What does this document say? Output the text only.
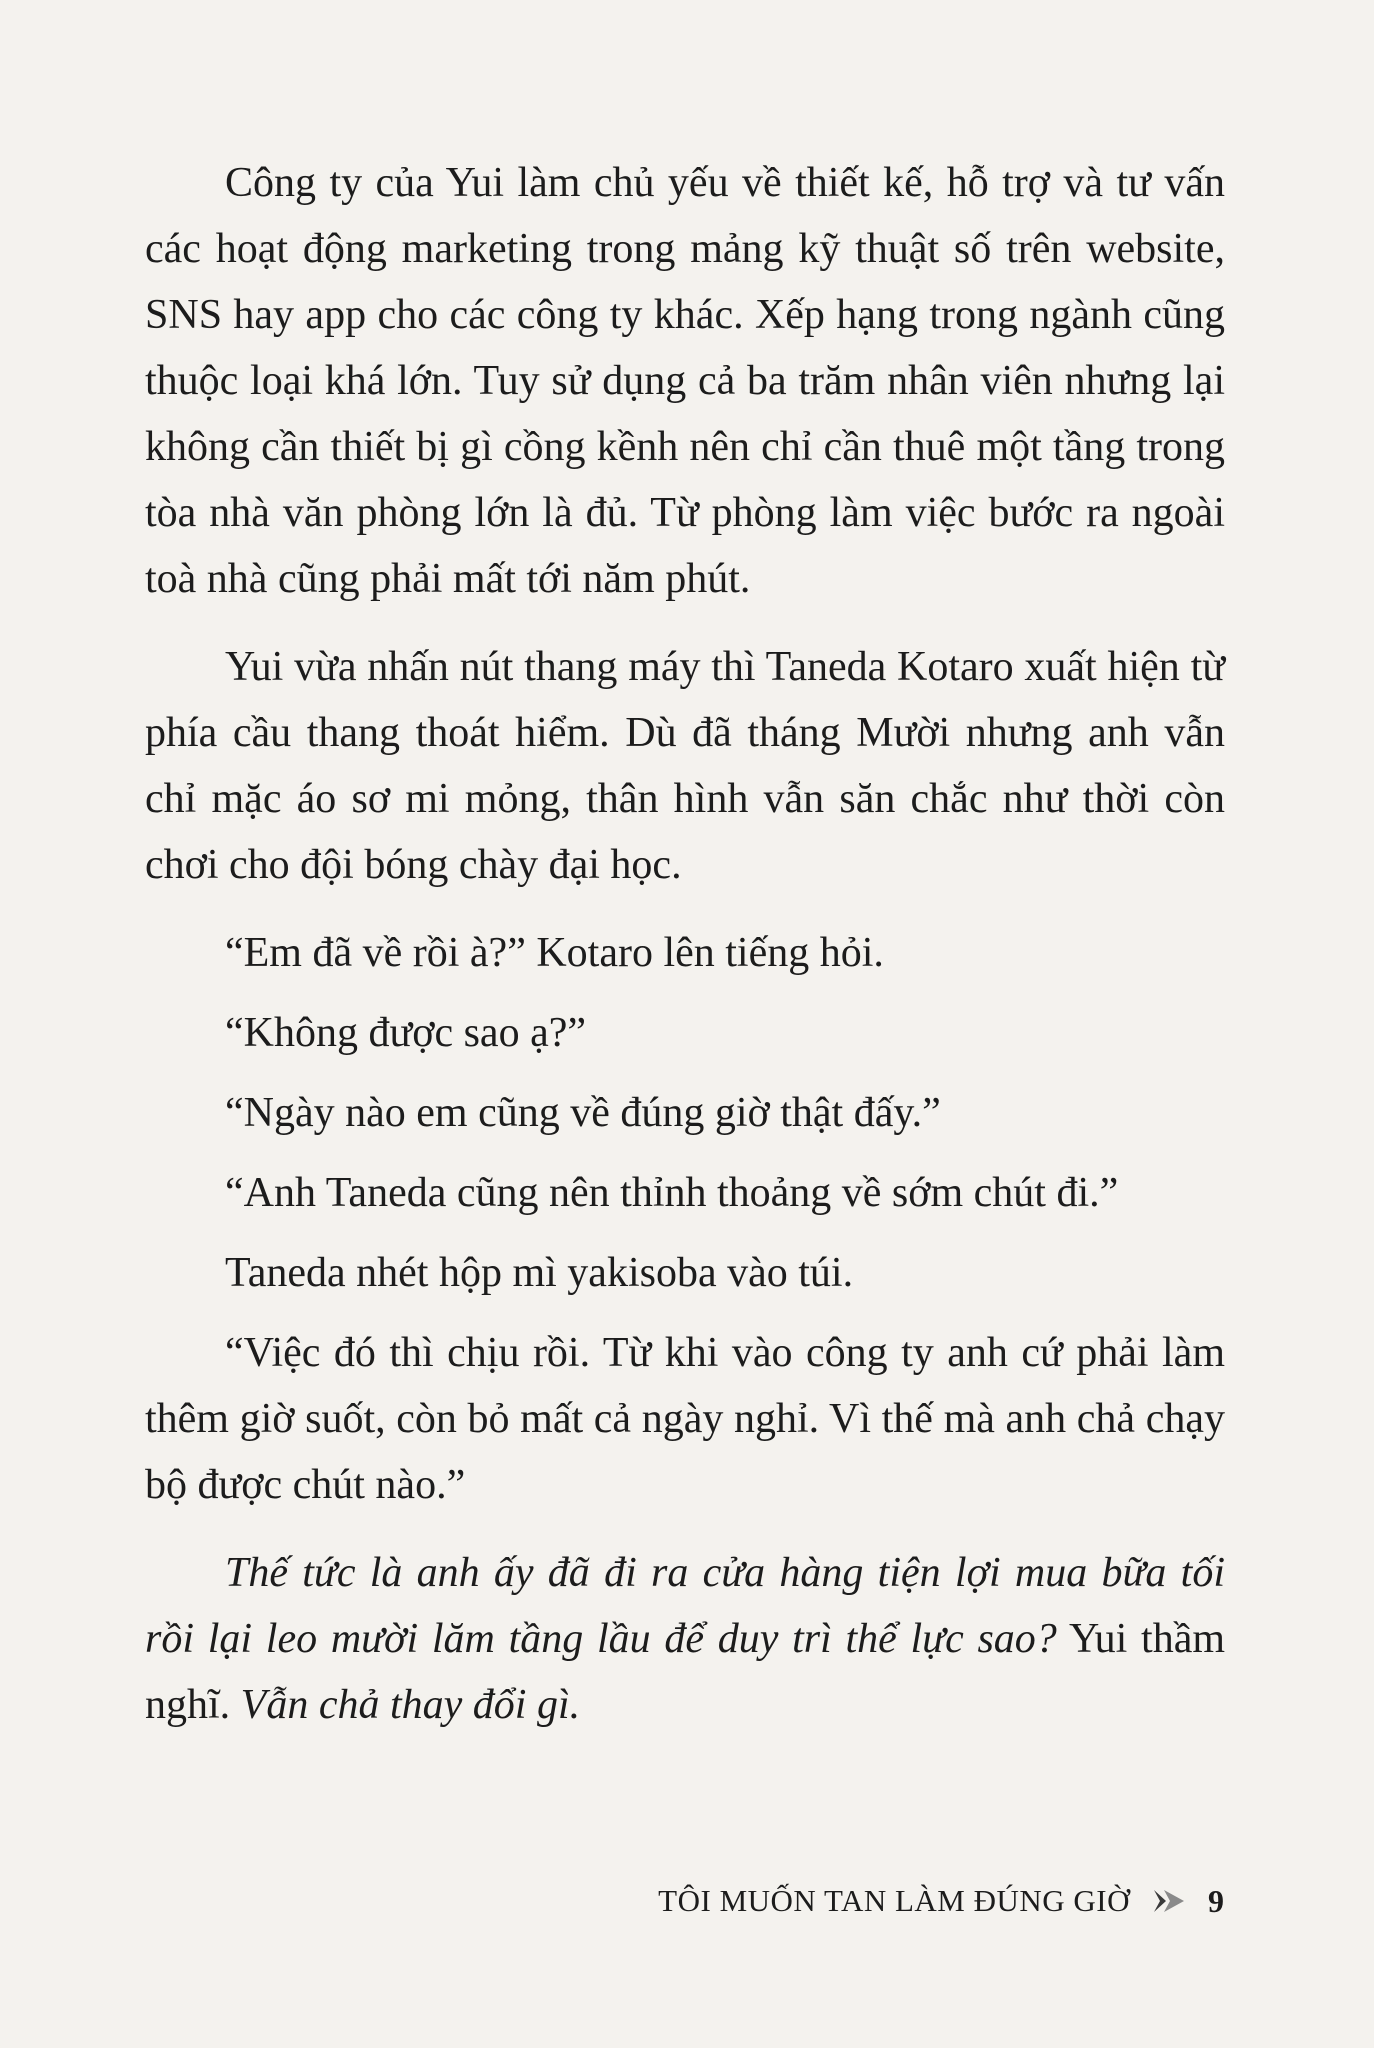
Công ty của Yui làm chủ yếu về thiết kế, hỗ trợ và tư vấn các hoạt động marketing trong mảng kỹ thuật số trên website, SNS hay app cho các công ty khác. Xếp hạng trong ngành cũng thuộc loại khá lớn. Tuy sử dụng cả ba trăm nhân viên nhưng lại không cần thiết bị gì cồng kềnh nên chỉ cần thuê một tầng trong tòa nhà văn phòng lớn là đủ. Từ phòng làm việc bước ra ngoài toà nhà cũng phải mất tới năm phút.

Yui vừa nhấn nút thang máy thì Taneda Kotaro xuất hiện từ phía cầu thang thoát hiểm. Dù đã tháng Mười nhưng anh vẫn chỉ mặc áo sơ mi mỏng, thân hình vẫn săn chắc như thời còn chơi cho đội bóng chày đại học.

“Em đã về rồi à?” Kotaro lên tiếng hỏi.

“Không được sao ạ?”

“Ngày nào em cũng về đúng giờ thật đấy.”

“Anh Taneda cũng nên thỉnh thoảng về sớm chút đi.”

Taneda nhét hộp mì yakisoba vào túi.

“Việc đó thì chịu rồi. Từ khi vào công ty anh cứ phải làm thêm giờ suốt, còn bỏ mất cả ngày nghỉ. Vì thế mà anh chả chạy bộ được chút nào.”

Thế tức là anh ấy đã đi ra cửa hàng tiện lợi mua bữa tối rồi lại leo mười lăm tầng lầu để duy trì thể lực sao? Yui thầm nghĩ. Vẫn chả thay đổi gì.

TÔI MUỐN TAN LÀM ĐÚNG GIỜ 9
